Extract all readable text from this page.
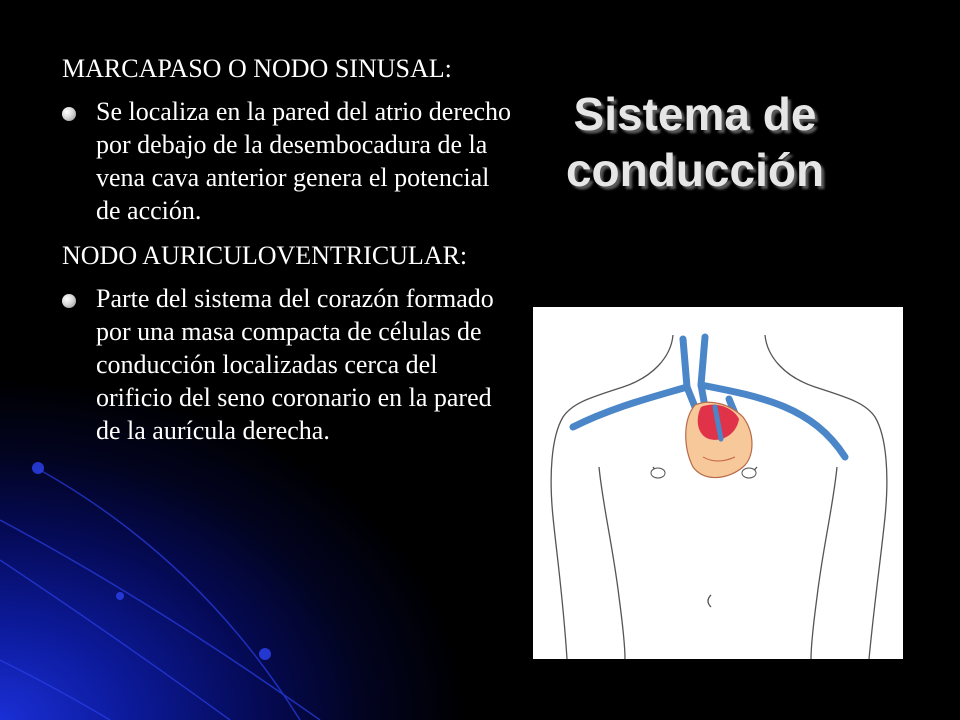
Sistema de
conducción

MARCAPASO O NODO SINUSAL:

Se localiza en la pared del atrio derecho por debajo de la desembocadura de la vena cava anterior genera el potencial de acción.

NODO AURICULOVENTRICULAR:

Parte del sistema del corazón formado por una masa compacta de células de conducción localizadas cerca del orificio del seno coronario en la pared de la aurícula derecha.
